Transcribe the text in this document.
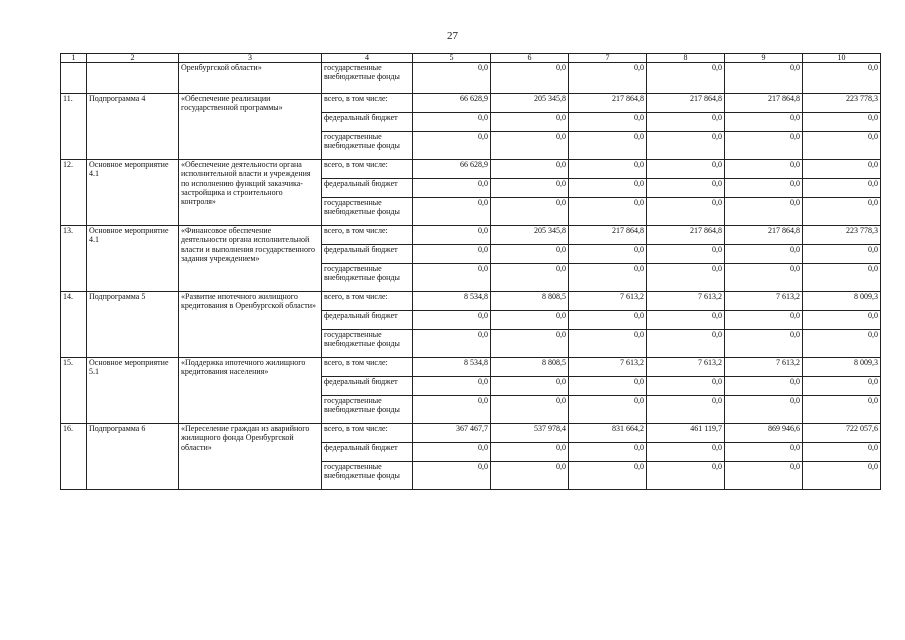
27
1	2	3	4	5	6	7	8	9	10
		Оренбургской области»	государственные внебюджетные фонды	0,0	0,0	0,0	0,0	0,0	0,0
11.	Подпрограмма 4	«Обеспечение реализации государственной программы»	всего, в том числе:	66 628,9	205 345,8	217 864,8	217 864,8	217 864,8	223 778,3
			федеральный бюджет	0,0	0,0	0,0	0,0	0,0	0,0
			государственные внебюджетные фонды	0,0	0,0	0,0	0,0	0,0	0,0
12.	Основное мероприятие 4.1	«Обеспечение деятельности органа исполнительной власти и учреждения по исполнению функций заказчика-застройщика и строительного контроля»	всего, в том числе:	66 628,9	0,0	0,0	0,0	0,0	0,0
			федеральный бюджет	0,0	0,0	0,0	0,0	0,0	0,0
			государственные внебюджетные фонды	0,0	0,0	0,0	0,0	0,0	0,0
13.	Основное мероприятие 4.1	«Финансовое обеспечение деятельности органа исполнительной власти и выполнения государственного задания учреждением»	всего, в том числе:	0,0	205 345,8	217 864,8	217 864,8	217 864,8	223 778,3
			федеральный бюджет	0,0	0,0	0,0	0,0	0,0	0,0
			государственные внебюджетные фонды	0,0	0,0	0,0	0,0	0,0	0,0
14.	Подпрограмма 5	«Развитие ипотечного жилищного кредитования в Оренбургской области»	всего, в том числе:	8 534,8	8 808,5	7 613,2	7 613,2	7 613,2	8 009,3
			федеральный бюджет	0,0	0,0	0,0	0,0	0,0	0,0
			государственные внебюджетные фонды	0,0	0,0	0,0	0,0	0,0	0,0
15.	Основное мероприятие 5.1	«Поддержка ипотечного жилищного кредитования населения»	всего, в том числе:	8 534,8	8 808,5	7 613,2	7 613,2	7 613,2	8 009,3
			федеральный бюджет	0,0	0,0	0,0	0,0	0,0	0,0
			государственные внебюджетные фонды	0,0	0,0	0,0	0,0	0,0	0,0
16.	Подпрограмма 6	«Переселение граждан из аварийного жилищного фонда Оренбургской области»	всего, в том числе:	367 467,7	537 978,4	831 664,2	461 119,7	869 946,6	722 057,6
			федеральный бюджет	0,0	0,0	0,0	0,0	0,0	0,0
			государственные внебюджетные фонды	0,0	0,0	0,0	0,0	0,0	0,0
